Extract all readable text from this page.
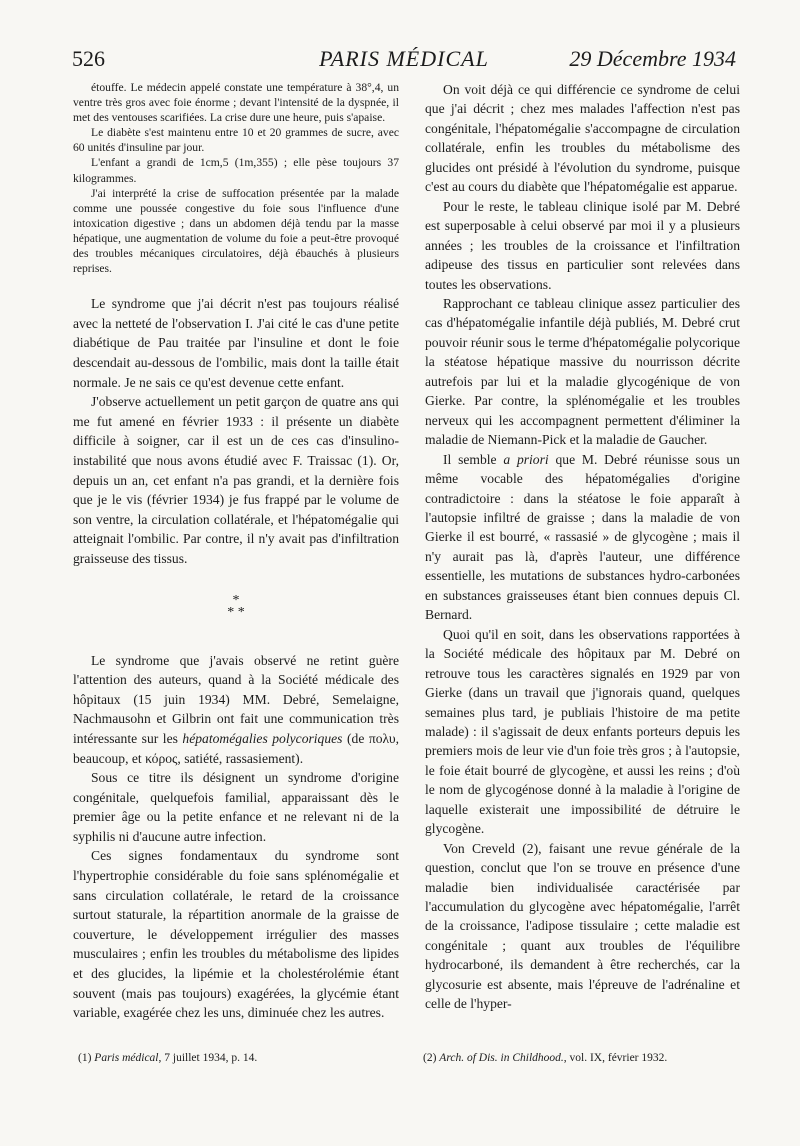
526	PARIS MÉDICAL	29 Décembre 1934

étouffe. Le médecin appelé constate une température à 38°,4, un ventre très gros avec foie énorme ; devant l'intensité de la dyspnée, il met des ventouses scarifiées. La crise dure une heure, puis s'apaise.

Le diabète s'est maintenu entre 10 et 20 grammes de sucre, avec 60 unités d'insuline par jour.

L'enfant a grandi de 1cm,5 (1m,355) ; elle pèse toujours 37 kilogrammes.

J'ai interprété la crise de suffocation présentée par la malade comme une poussée congestive du foie sous l'influence d'une intoxication digestive ; dans un abdomen déjà tendu par la masse hépatique, une augmentation de volume du foie a peut-être provoqué des troubles mécaniques circulatoires, déjà ébauchés à plusieurs reprises.

Le syndrome que j'ai décrit n'est pas toujours réalisé avec la netteté de l'observation I. J'ai cité le cas d'une petite diabétique de Pau traitée par l'insuline et dont le foie descendait au-dessous de l'ombilic, mais dont la taille était normale. Je ne sais ce qu'est devenue cette enfant.

J'observe actuellement un petit garçon de quatre ans qui me fut amené en février 1933 : il présente un diabète difficile à soigner, car il est un de ces cas d'insulino-instabilité que nous avons étudié avec F. Traissac (1). Or, depuis un an, cet enfant n'a pas grandi, et la dernière fois que je le vis (février 1934) je fus frappé par le volume de son ventre, la circulation collatérale, et l'hépatomégalie qui atteignait l'ombilic. Par contre, il n'y avait pas d'infiltration graisseuse des tissus.

*
* *

Le syndrome que j'avais observé ne retint guère l'attention des auteurs, quand à la Société médicale des hôpitaux (15 juin 1934) MM. Debré, Semelaigne, Nachmausohn et Gilbrin ont fait une communication très intéressante sur les hépatomégalies polycoriques (de πολυ, beaucoup, et κόρος, satiété, rassasiement).

Sous ce titre ils désignent un syndrome d'origine congénitale, quelquefois familial, apparaissant dès le premier âge ou la petite enfance et ne relevant ni de la syphilis ni d'aucune autre infection.

Ces signes fondamentaux du syndrome sont l'hypertrophie considérable du foie sans splénomégalie et sans circulation collatérale, le retard de la croissance surtout staturale, la répartition anormale de la graisse de couverture, le développement irrégulier des masses musculaires ; enfin les troubles du métabolisme des lipides et des glucides, la lipémie et la cholestérolémie étant souvent (mais pas toujours) exagérées, la glycémie étant variable, exagérée chez les uns, diminuée chez les autres.

On voit déjà ce qui différencie ce syndrome de celui que j'ai décrit ; chez mes malades l'affection n'est pas congénitale, l'hépatomégalie s'accompagne de circulation collatérale, enfin les troubles du métabolisme des glucides ont présidé à l'évolution du syndrome, puisque c'est au cours du diabète que l'hépatomégalie est apparue.

Pour le reste, le tableau clinique isolé par M. Debré est superposable à celui observé par moi il y a plusieurs années ; les troubles de la croissance et l'infiltration adipeuse des tissus en particulier sont relevées dans toutes les observations.

Rapprochant ce tableau clinique assez particulier des cas d'hépatomégalie infantile déjà publiés, M. Debré crut pouvoir réunir sous le terme d'hépatomégalie polycorique la stéatose hépatique massive du nourrisson décrite autrefois par lui et la maladie glycogénique de von Gierke. Par contre, la splénomégalie et les troubles nerveux qui les accompagnent permettent d'éliminer la maladie de Niemann-Pick et la maladie de Gaucher.

Il semble a priori que M. Debré réunisse sous un même vocable des hépatomégalies d'origine contradictoire : dans la stéatose le foie apparaît à l'autopsie infiltré de graisse ; dans la maladie de von Gierke il est bourré, « rassasié » de glycogène ; mais il n'y aurait pas là, d'après l'auteur, une différence essentielle, les mutations de substances hydro-carbonées en substances graisseuses étant bien connues depuis Cl. Bernard.

Quoi qu'il en soit, dans les observations rapportées à la Société médicale des hôpitaux par M. Debré on retrouve tous les caractères signalés en 1929 par von Gierke (dans un travail que j'ignorais quand, quelques semaines plus tard, je publiais l'histoire de ma petite malade) : il s'agissait de deux enfants porteurs depuis les premiers mois de leur vie d'un foie très gros ; à l'autopsie, le foie était bourré de glycogène, et aussi les reins ; d'où le nom de glycogénose donné à la maladie à l'origine de laquelle existerait une impossibilité de détruire le glycogène.

Von Creveld (2), faisant une revue générale de la question, conclut que l'on se trouve en présence d'une maladie bien individualisée caractérisée par l'accumulation du glycogène avec hépatomégalie, l'arrêt de la croissance, l'adipose tissulaire ; cette maladie est congénitale ; quant aux troubles de l'équilibre hydrocarboné, ils demandent à être recherchés, car la glycosurie est absente, mais l'épreuve de l'adrénaline et celle de l'hyper-

(1) Paris médical, 7 juillet 1934, p. 14.	(2) Arch. of Dis. in Childhood., vol. IX, février 1932.
